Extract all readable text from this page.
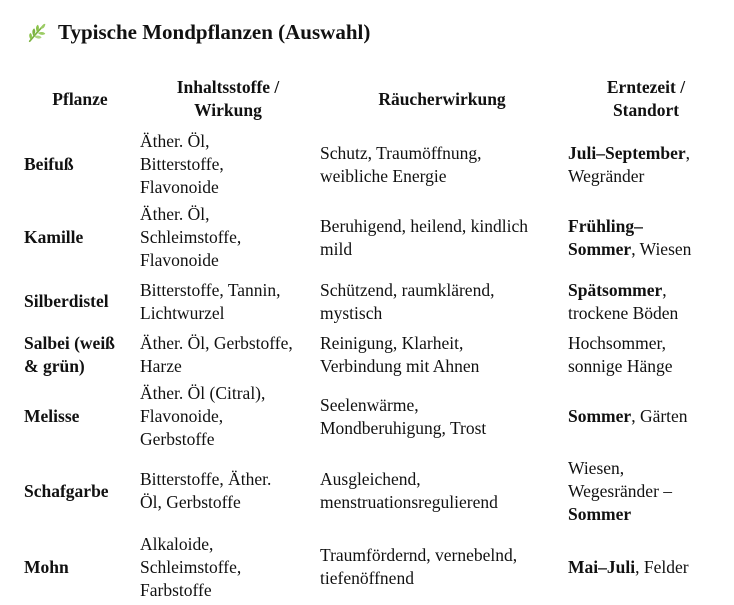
Typische Mondpflanzen (Auswahl)
Pflanze	Inhaltsstoffe /
Wirkung	Räucherwirkung	Erntezeit /
Standort

Beifuß	Äther. Öl,
Bitterstoffe,
Flavonoide	Schutz, Traumöffnung,
weibliche Energie	Juli–September,
Wegränder

Kamille	Äther. Öl,
Schleimstoffe,
Flavonoide	Beruhigend, heilend, kindlich
mild	Frühling–
Sommer, Wiesen

Silberdistel	Bitterstoffe, Tannin,
Lichtwurzel	Schützend, raumklärend,
mystisch	Spätsommer,
trockene Böden

Salbei (weiß
& grün)	Äther. Öl, Gerbstoffe,
Harze	Reinigung, Klarheit,
Verbindung mit Ahnen	Hochsommer,
sonnige Hänge

Melisse	Äther. Öl (Citral),
Flavonoide,
Gerbstoffe	Seelenwärme,
Mondberuhigung, Trost	Sommer, Gärten

Schafgarbe	Bitterstoffe, Äther.
Öl, Gerbstoffe	Ausgleichend,
menstruationsregulierend	Wiesen,
Wegesränder –
Sommer

Mohn	Alkaloide,
Schleimstoffe,
Farbstoffe	Traumfördernd, vernebelnd,
tiefenöffnend	Mai–Juli, Felder
